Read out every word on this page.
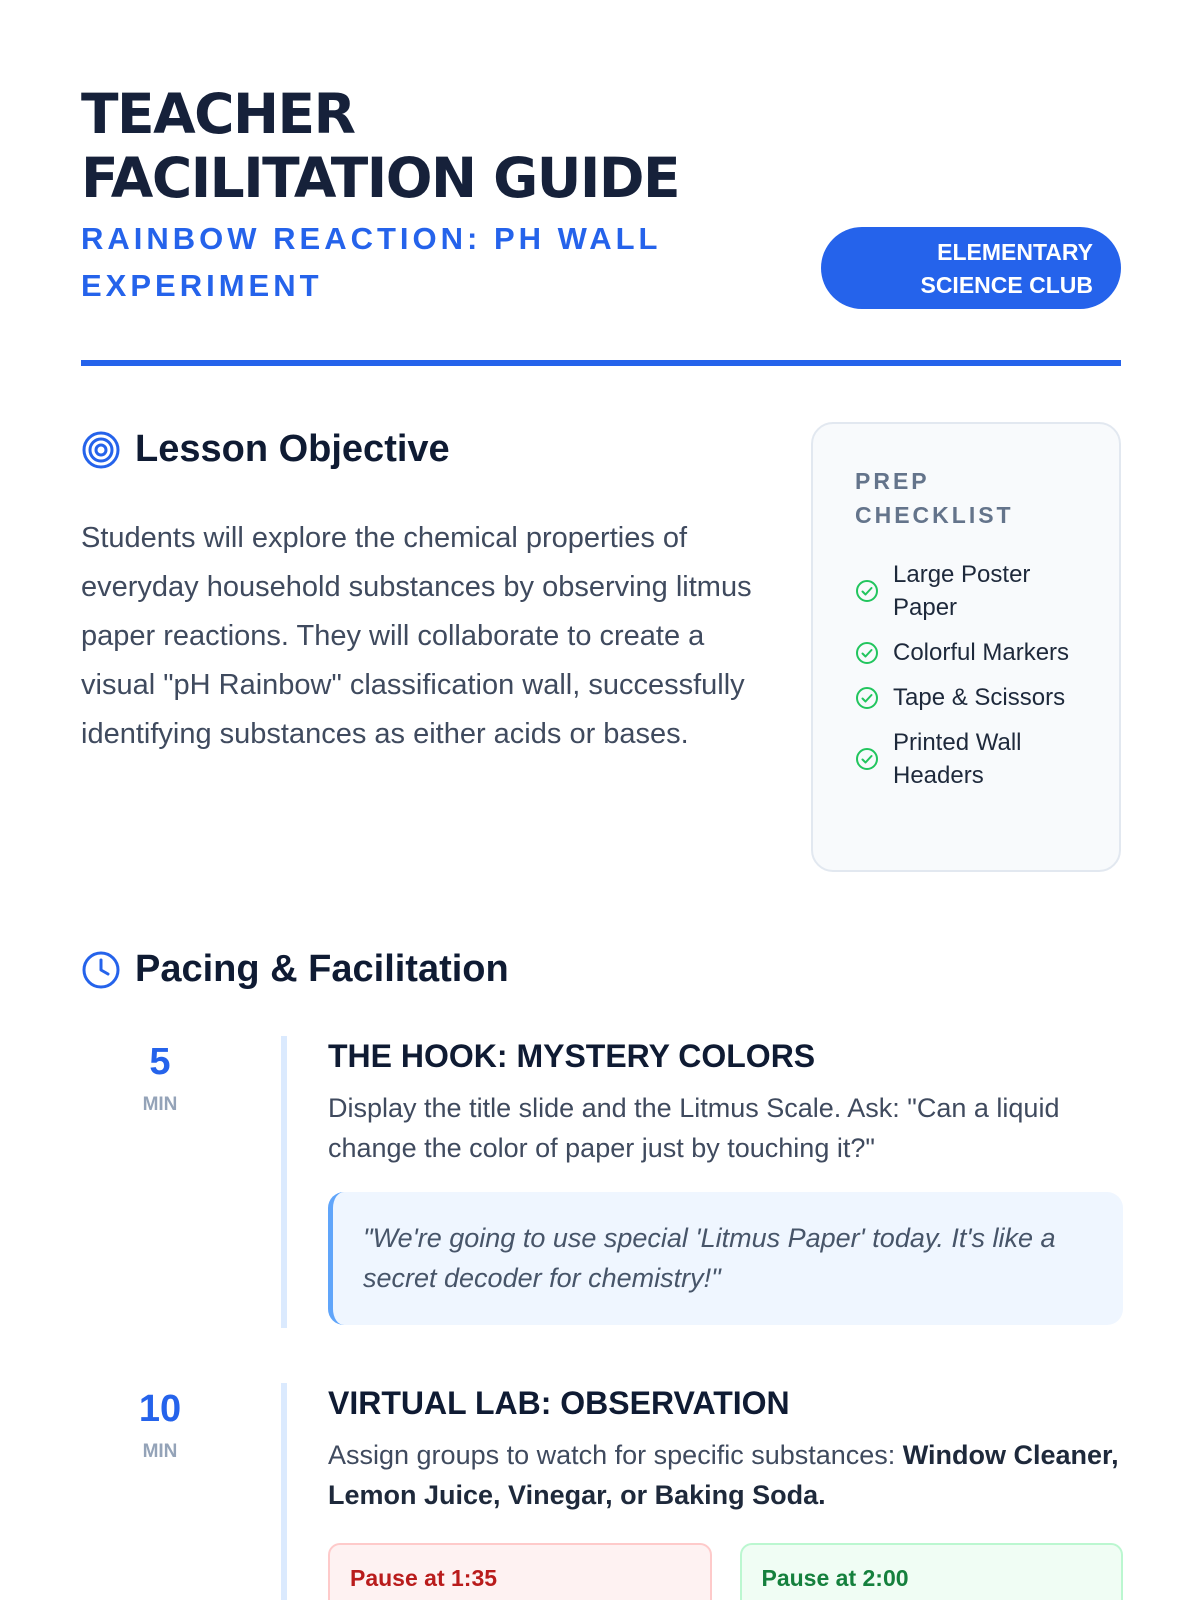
TEACHER
FACILITATION GUIDE
RAINBOW REACTION: PH WALL EXPERIMENT
ELEMENTARY
SCIENCE CLUB
Lesson Objective

Students will explore the chemical properties of everyday household substances by observing litmus paper reactions. They will collaborate to create a visual "pH Rainbow" classification wall, successfully identifying substances as either acids or bases.

PREP CHECKLIST
Large Poster Paper
Colorful Markers
Tape & Scissors
Printed Wall Headers
Pacing & Facilitation
5
MIN
THE HOOK: MYSTERY COLORS

Display the title slide and the Litmus Scale. Ask: "Can a liquid change the color of paper just by touching it?"

"We're going to use special 'Litmus Paper' today. It's like a secret decoder for chemistry!"
10
MIN
VIRTUAL LAB: OBSERVATION

Assign groups to watch for specific substances: Window Cleaner, Lemon Juice, Vinegar, or Baking Soda.

Pause at 1:35	Pause at 2:00
